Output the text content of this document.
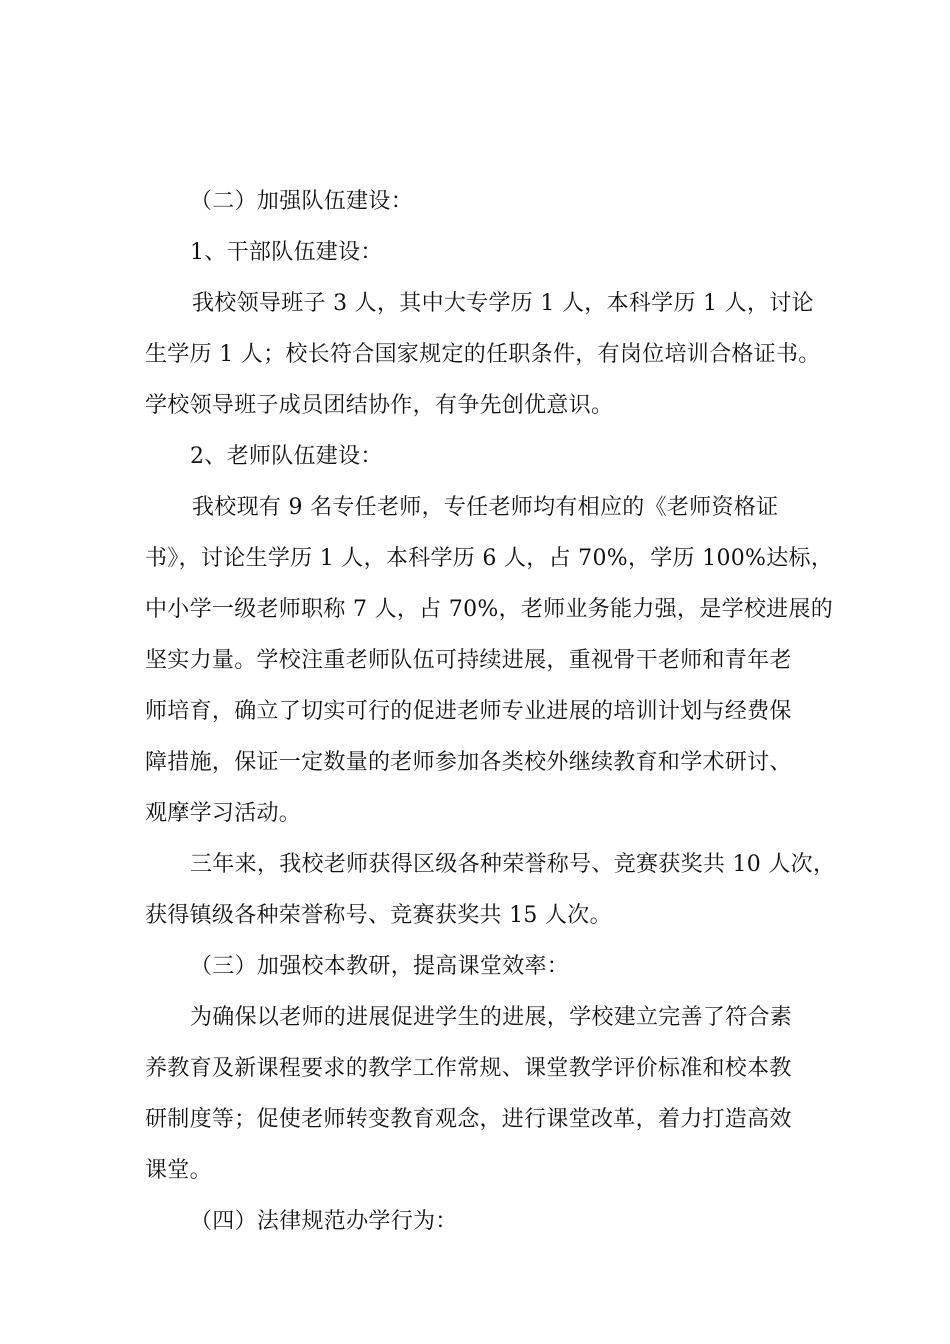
（二）加强队伍建设：
1、干部队伍建设：
我校领导班子 3 人，其中大专学历 1 人，本科学历 1 人，讨论
生学历 1 人；校长符合国家规定的任职条件，有岗位培训合格证书。
学校领导班子成员团结协作，有争先创优意识。
2、老师队伍建设：
我校现有 9 名专任老师，专任老师均有相应的《老师资格证
书》，讨论生学历 1 人，本科学历 6 人，占 70%，学历 100%达标，
中小学一级老师职称 7 人，占 70%，老师业务能力强，是学校进展的
坚实力量。学校注重老师队伍可持续进展，重视骨干老师和青年老
师培育，确立了切实可行的促进老师专业进展的培训计划与经费保
障措施，保证一定数量的老师参加各类校外继续教育和学术研讨、
观摩学习活动。
三年来，我校老师获得区级各种荣誉称号、竞赛获奖共 10 人次，
获得镇级各种荣誉称号、竞赛获奖共 15 人次。
（三）加强校本教研，提高课堂效率：
为确保以老师的进展促进学生的进展，学校建立完善了符合素
养教育及新课程要求的教学工作常规、课堂教学评价标准和校本教
研制度等；促使老师转变教育观念，进行课堂改革，着力打造高效
课堂。
（四）法律规范办学行为：
